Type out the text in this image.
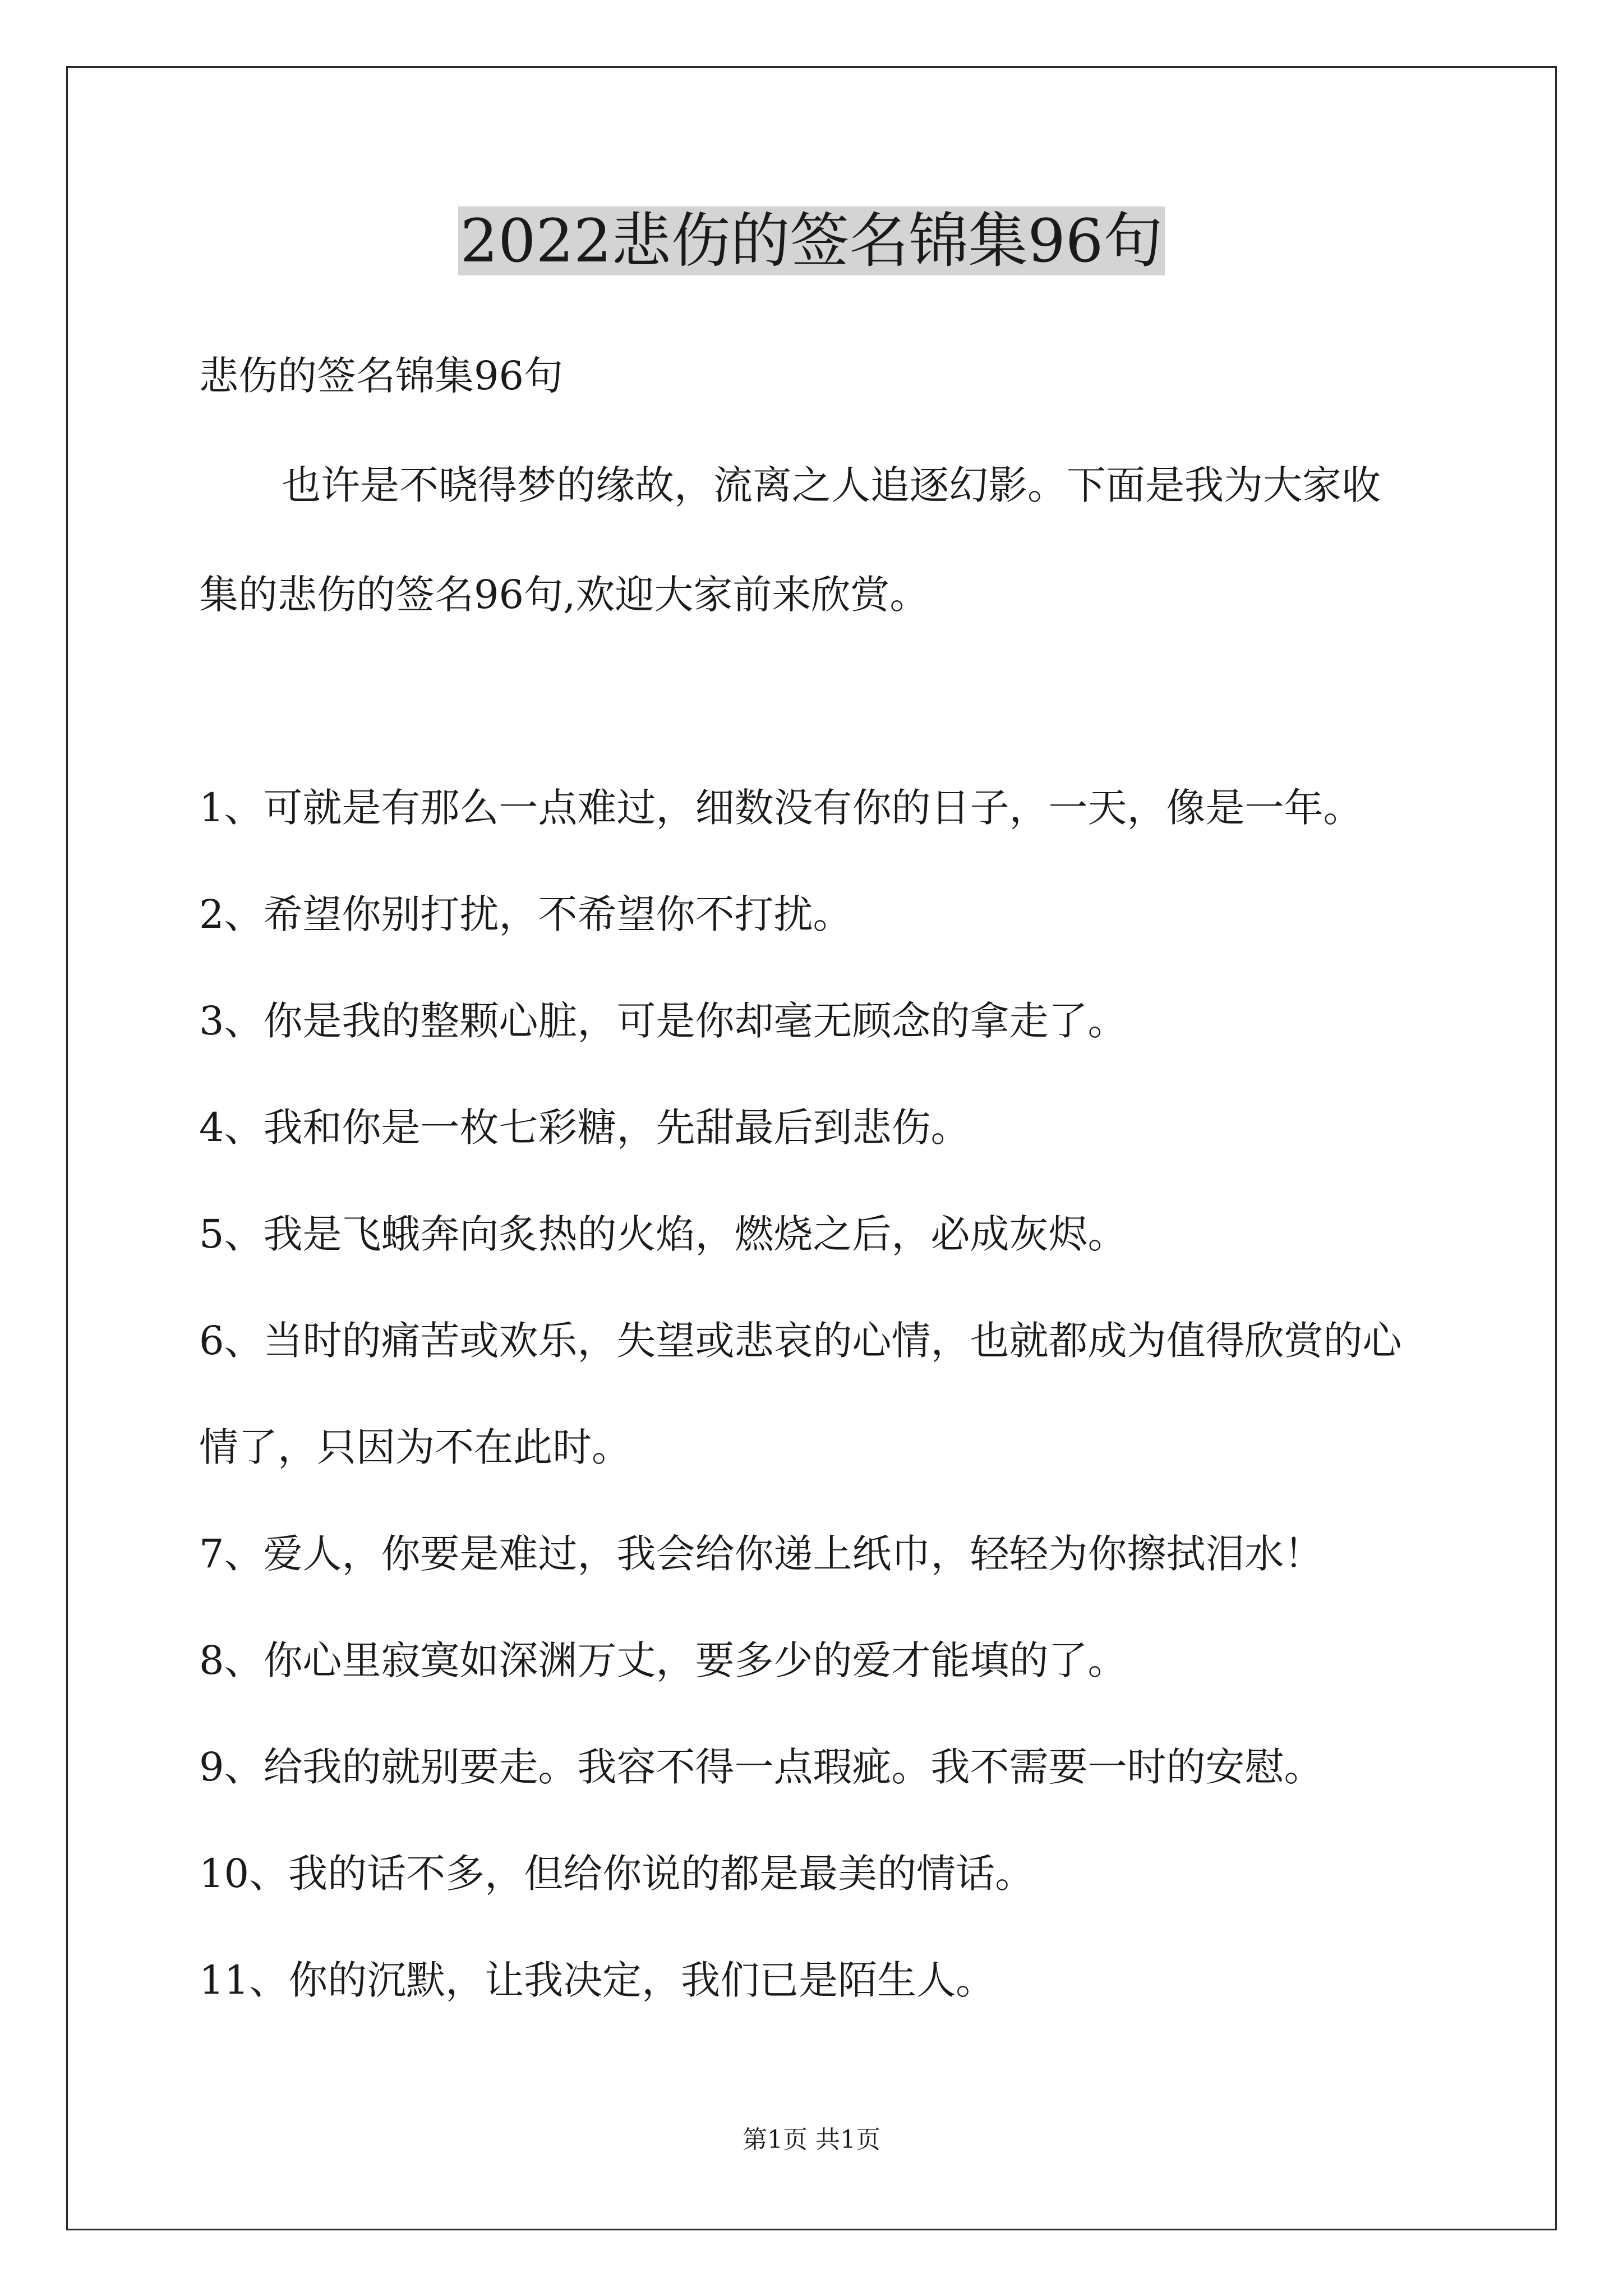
2022悲伤的签名锦集96句
悲伤的签名锦集96句

也许是不晓得梦的缘故，流离之人追逐幻影。下面是我为大家收

集的悲伤的签名96句,欢迎大家前来欣赏。

1、可就是有那么一点难过，细数没有你的日子，一天，像是一年。
2、希望你别打扰，不希望你不打扰。
3、你是我的整颗心脏，可是你却毫无顾念的拿走了。
4、我和你是一枚七彩糖，先甜最后到悲伤。
5、我是飞蛾奔向炙热的火焰，燃烧之后，必成灰烬。
6、当时的痛苦或欢乐，失望或悲哀的心情，也就都成为值得欣赏的心
情了，只因为不在此时。
7、爱人，你要是难过，我会给你递上纸巾，轻轻为你擦拭泪水！
8、你心里寂寞如深渊万丈，要多少的爱才能填的了。
9、给我的就别要走。我容不得一点瑕疵。我不需要一时的安慰。
10、我的话不多，但给你说的都是最美的情话。
11、你的沉默，让我决定，我们已是陌生人。
第1页 共1页
